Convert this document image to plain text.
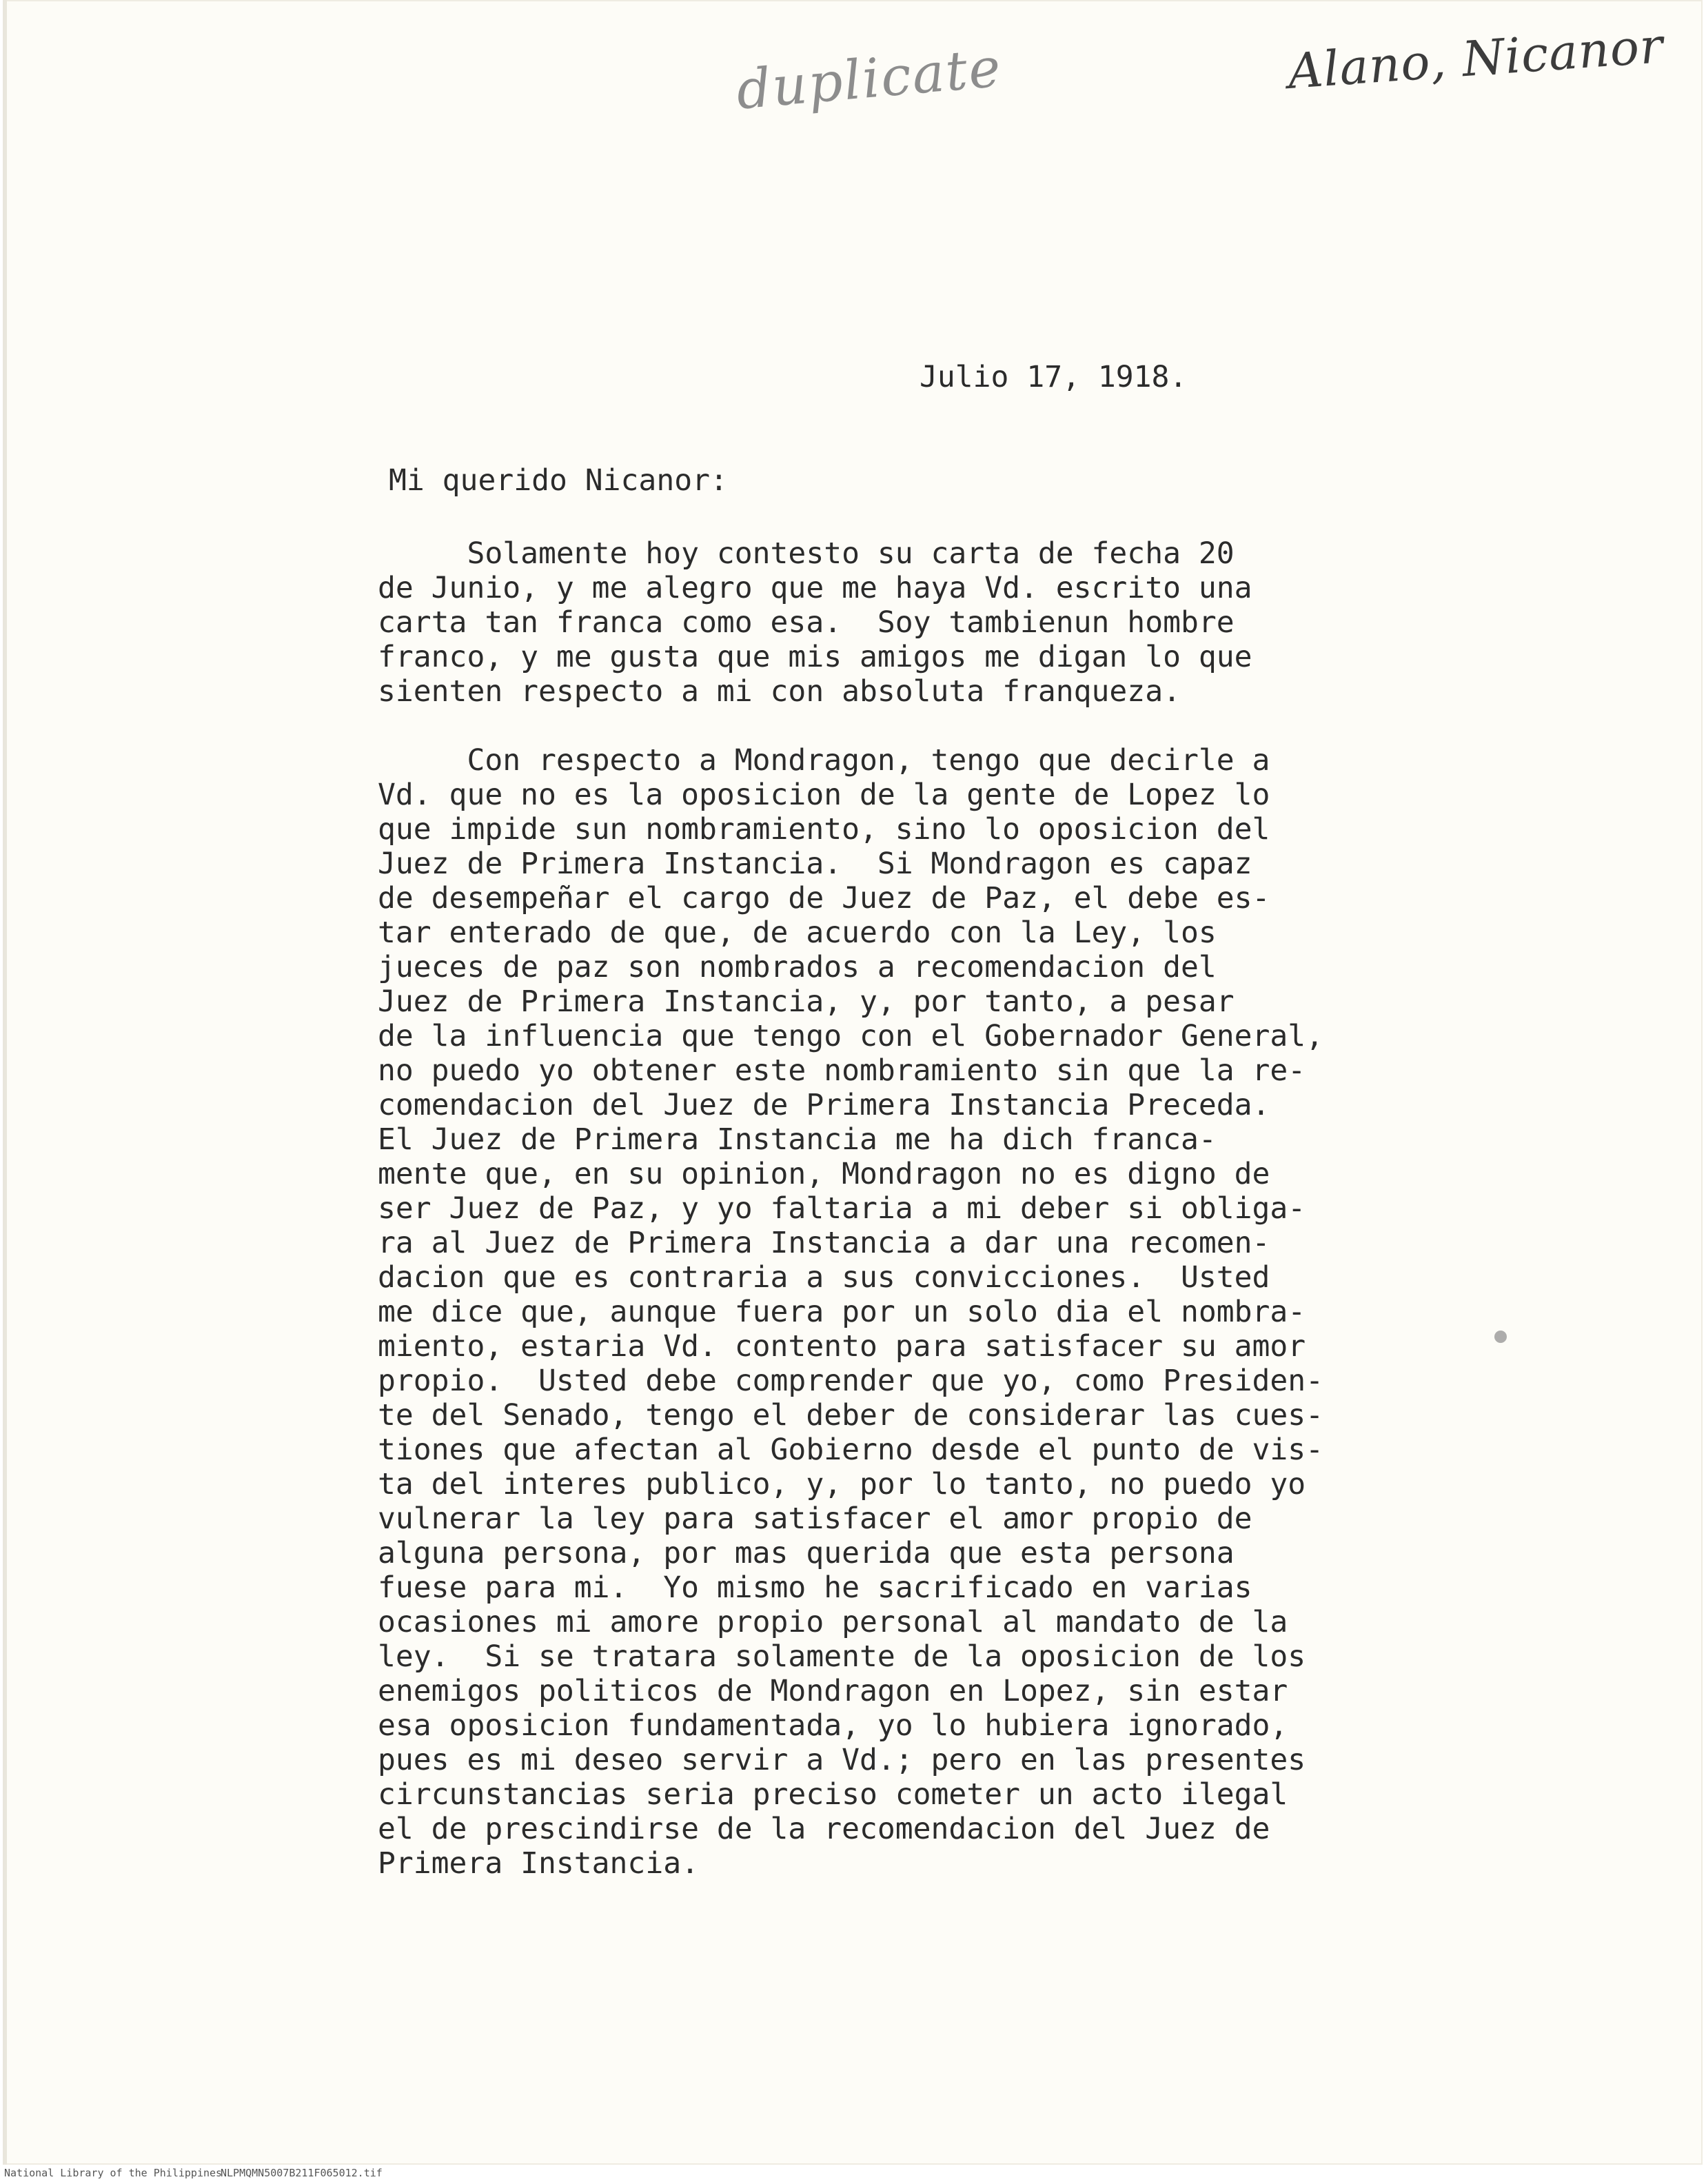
duplicate	Alano, Nicanor
Julio 17, 1918.
Mi querido Nicanor:
Solamente hoy contesto su carta de fecha 20
de Junio, y me alegro que me haya Vd. escrito una
carta tan franca como esa.  Soy tambienun hombre
franco, y me gusta que mis amigos me digan lo que
sienten respecto a mi con absoluta franqueza.
Con respecto a Mondragon, tengo que decirle a
Vd. que no es la oposicion de la gente de Lopez lo
que impide sun nombramiento, sino lo oposicion del
Juez de Primera Instancia.  Si Mondragon es capaz
de desempeñar el cargo de Juez de Paz, el debe es-
tar enterado de que, de acuerdo con la Ley, los
jueces de paz son nombrados a recomendacion del
Juez de Primera Instancia, y, por tanto, a pesar
de la influencia que tengo con el Gobernador General,
no puedo yo obtener este nombramiento sin que la re-
comendacion del Juez de Primera Instancia Preceda.
El Juez de Primera Instancia me ha dich franca-
mente que, en su opinion, Mondragon no es digno de
ser Juez de Paz, y yo faltaria a mi deber si obliga-
ra al Juez de Primera Instancia a dar una recomen-
dacion que es contraria a sus convicciones.  Usted
me dice que, aunque fuera por un solo dia el nombra-
miento, estaria Vd. contento para satisfacer su amor
propio.  Usted debe comprender que yo, como Presiden-
te del Senado, tengo el deber de considerar las cues-
tiones que afectan al Gobierno desde el punto de vis-
ta del interes publico, y, por lo tanto, no puedo yo
vulnerar la ley para satisfacer el amor propio de
alguna persona, por mas querida que esta persona
fuese para mi.  Yo mismo he sacrificado en varias
ocasiones mi amore propio personal al mandato de la
ley.  Si se tratara solamente de la oposicion de los
enemigos politicos de Mondragon en Lopez, sin estar
esa oposicion fundamentada, yo lo hubiera ignorado,
pues es mi deseo servir a Vd.; pero en las presentes
circunstancias seria preciso cometer un acto ilegal
el de prescindirse de la recomendacion del Juez de
Primera Instancia.
National Library of the Philippines
NLPMQMN5007B211F065012.tif
